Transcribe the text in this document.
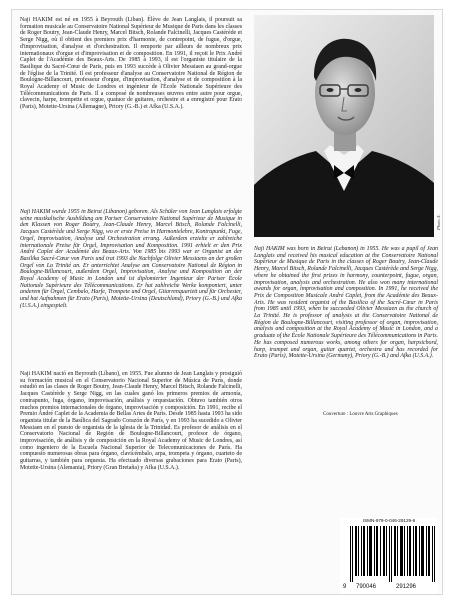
Naji HAKIM est né en 1955 à Beyrouth (Liban). Élève de Jean Langlais, il poursuit sa formation musicale au Conservatoire National Supérieur de Musique de Paris dans les classes de Roger Boutry, Jean-Claude Henry, Marcel Bitsch, Rolande Falcinelli, Jacques Castérède et Serge Nigg, où il obtient des premiers prix d'harmonie, de contrepoint, de fugue, d'orgue, d'improvisation, d'analyse et d'orchestration. Il remporte par ailleurs de nombreux prix internationaux d'orgue et d'improvisation et de composition. En 1991, il reçoit le Prix André Caplet de l'Académie des Beaux-Arts. De 1985 à 1993, il est l'organiste titulaire de la Basilique du Sacré-Cœur de Paris, puis en 1993 succède à Olivier Messiaen au grand-orgue de l'église de la Trinité. Il est professeur d'analyse au Conservatoire National de Région de Boulogne-Billancourt, professeur d'orgue, d'improvisation, d'analyse et de composition à la Royal Academy of Music de Londres et ingénieur de l'École Nationale Supérieure des Télécommunications de Paris. Il a composé de nombreuses œuvres entre autre pour orgue, clavecin, harpe, trompette et orgue, quatuor de guitares, orchestre et a enregistré pour Erato (Paris), Motette-Ursina (Allemagne), Priory (G.-B.) et Afka (U.S.A.).

Naji HAKIM wurde 1955 in Beirut (Libanon) geboren. Als Schüler von Jean Langlais erfolgte seine musikalische Ausbildung am Pariser Conservatoire National Supérieur de Musique in den Klassen von Roger Boutry, Jean-Claude Henry, Marcel Bitsch, Rolande Falcinelli, Jacques Castérède und Serge Nigg, wo er erste Preise in Harmonielehre, Kontrapunkt, Fuge, Orgel, Improvisation, Analyse und Orchestration errang. Außerdem erzielte er zahlreiche internationale Preise für Orgel, Improvisation und Komposition. 1991 erhielt er den Prix André Caplet der Académie des Beaux-Arts. Von 1985 bis 1993 war er Organist an der Basilika Sacré-Cœur von Paris und trat 1993 die Nachfolge Olivier Messiaens an der großen Orgel von La Trinité an. Er unterrichtet Analyse am Conservatoire National de Région in Boulogne-Billancourt, außerdem Orgel, Improvisation, Analyse und Komposition an der Royal Academy of Music in London und ist diplomierter Ingenieur der Pariser École Nationale Supérieure des Télécommunications. Er hat zahlreiche Werke komponiert, unter anderem für Orgel, Cembalo, Harfe, Trompete und Orgel, Gitarrenquartett und für Orchester, und hat Aufnahmen für Erato (Paris), Motette-Ursina (Deutschland), Priory (G.-B.) und Afka (U.S.A.) eingespielt.

Naji HAKIM nació en Beyrouth (Líbano), en 1955. Fue alumno de Jean Langlais y prosiguió su formación musical en el Conservatorio Nacional Superior de Música de París, donde estudió en las clases de Roger Boutry, Jean-Claude Henry, Marcel Bitsch, Rolande Falcinelli, Jacques Castérède y Serge Nigg, en las cuales ganó los primeros premios de armonía, contrapunto, fuga, órgano, improvisación, análisis y orquestación. Obtuvo también otros muchos premios internacionales de órgano, improvisación y composición. En 1991, recibe el Premio André Caplet de la Academia de Bellas Artes de Paris. Desde 1985 hasta 1993 ha sido organista titular de la Basílica del Sagrado Corazón de París, y en 1993 ha sucedido a Olivier Messiaen en el puesto de organista de la iglesia de la Trinidad. Es profesor de análisis en el Conservatorio Nacional de Región de Boulogne-Billancourt, profesor de órgano, improvisación, de análisis y de composición en la Royal Academy of Music de Londres, así como ingeniero de la Escuela Nacional Superior de Telecomunicaciones de París. Ha compuesto numerosas obras para órgano, clavicémbalo, arpa, trompeta y órgano, cuarteto de guitarras, y también para orquesta. Ha efectuado diversas grabaciones para Erato (Paris), Motette-Ursina (Alemania), Priory (Gran Bretaña) y Afka (U.S.A.).

Photo X.

Naji HAKIM was born in Beirut (Lebanon) in 1955. He was a pupil of Jean Langlais and received his musical education at the Conservatoire National Supérieur de Musique de Paris in the classes of Roger Boutry, Jean-Claude Henry, Marcel Bitsch, Rolande Falcinelli, Jacques Castérède and Serge Nigg, where he obtained the first prizes in harmony, counterpoint, fugue, organ, improvisation, analysis and orchestration. He also won many international awards for organ, improvisation and composition. In 1991, he received the Prix de Composition Musicale André Caplet, from the Académie des Beaux-Arts. He was resident organist of the Basilica of the Sacré-Cœur in Paris from 1985 until 1993, when he succeeded Olivier Messiaen as the church of La Trinité. He is professor of analysis at the Conservatoire National de Région de Boulogne-Billancourt, visiting professor of organ, improvisation, analysis and composition at the Royal Academy of Music in London, and a graduate of the École Nationale Supérieure des Télécommunications in Paris. He has composed numerous works, among others for organ, harpsichord, harp, trumpet and organ, guitar quartet, orchestra and has recorded for Erato (Paris), Motette-Ursina (Germany), Priory (G.-B.) and Afka (U.S.A.).

Couverture : Louvre Arts Graphiques
ISMN-979-0-046-29129-6
9 790046	291296
